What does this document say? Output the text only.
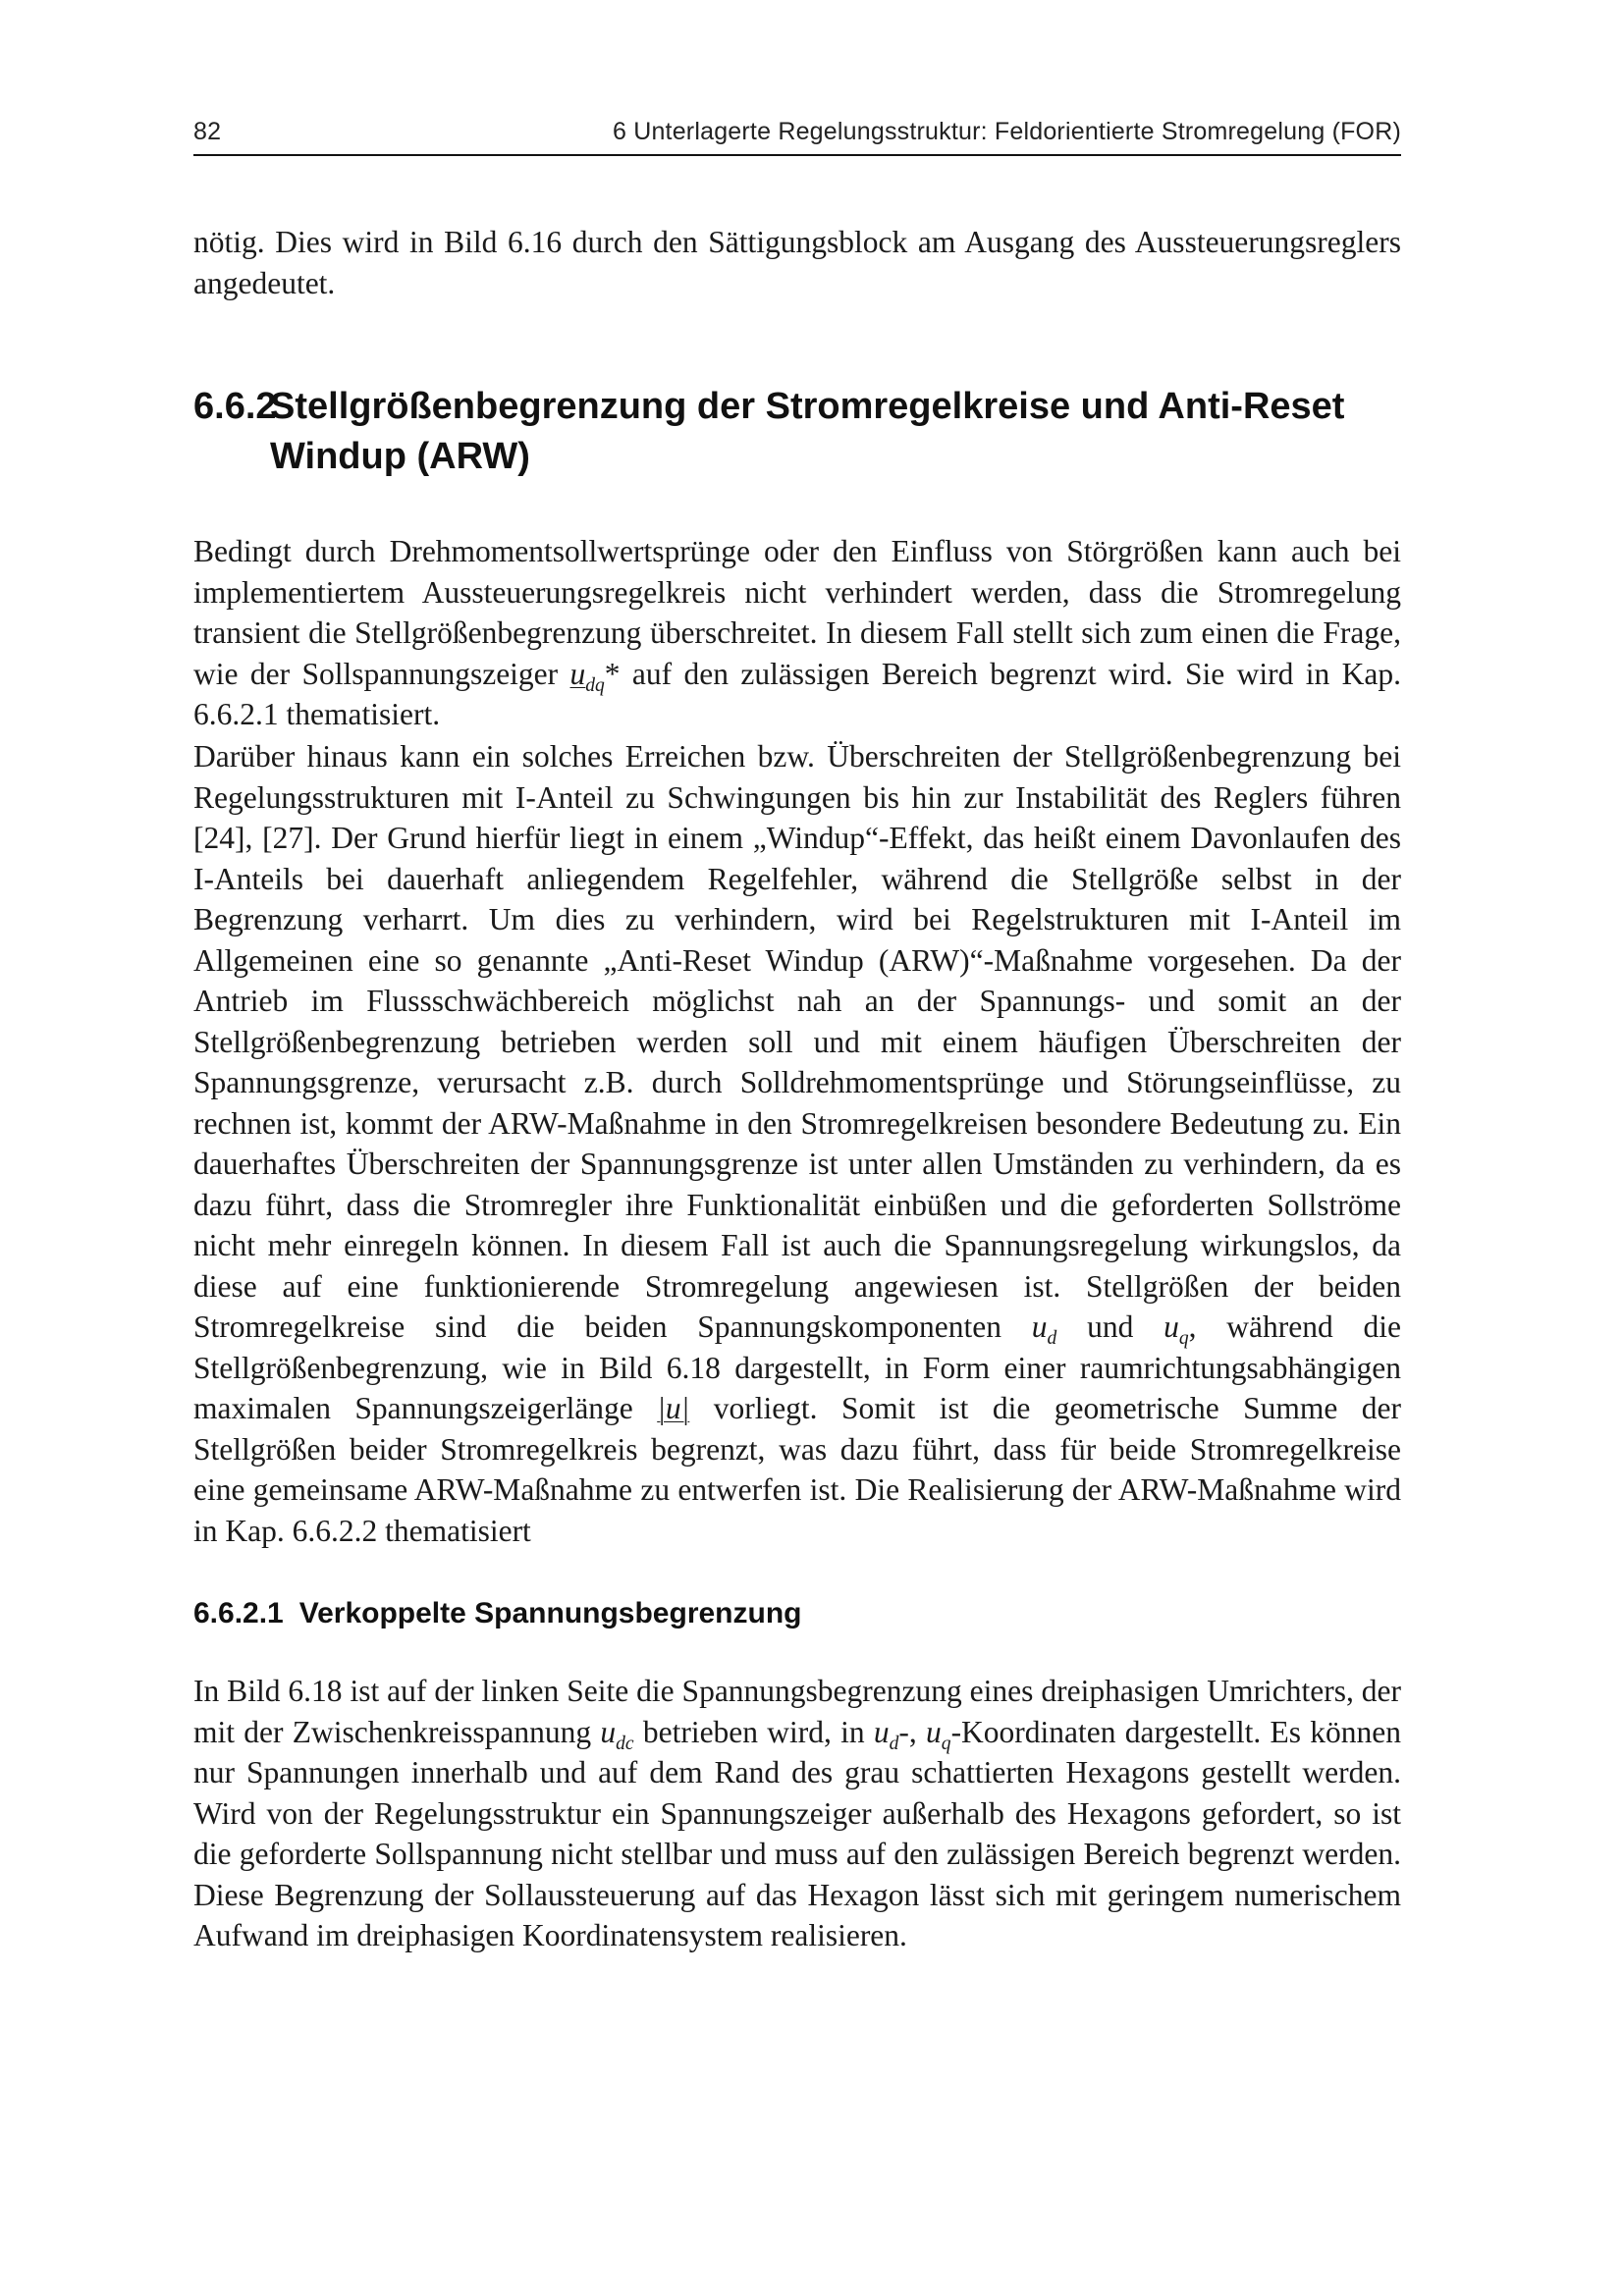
82	6 Unterlagerte Regelungsstruktur: Feldorientierte Stromregelung (FOR)

nötig. Dies wird in Bild 6.16 durch den Sättigungsblock am Ausgang des Aussteuerungsreglers angedeutet.

6.6.2Stellgrößenbegrenzung der Stromregelkreise und Anti-Reset
Windup (ARW)

Bedingt durch Drehmomentsollwertsprünge oder den Einfluss von Störgrößen kann auch bei implementiertem Aussteuerungsregelkreis nicht verhindert werden, dass die Stromregelung transient die Stellgrößenbegrenzung überschreitet. In diesem Fall stellt sich zum einen die Frage, wie der Sollspannungszeiger $u_{dq}*$ auf den zulässigen Bereich begrenzt wird. Sie wird in Kap. 6.6.2.1 thematisiert.

Darüber hinaus kann ein solches Erreichen bzw. Überschreiten der Stellgrößenbegrenzung bei Regelungsstrukturen mit I-Anteil zu Schwingungen bis hin zur Instabilität des Reglers führen [24], [27]. Der Grund hierfür liegt in einem „Windup“-Effekt, das heißt einem Davonlaufen des I-Anteils bei dauerhaft anliegendem Regelfehler, während die Stellgröße selbst in der Begrenzung verharrt. Um dies zu verhindern, wird bei Regelstrukturen mit I-Anteil im Allgemeinen eine so genannte „Anti-Reset Windup (ARW)“-Maßnahme vorgesehen. Da der Antrieb im Flussschwächbereich möglichst nah an der Spannungs- und somit an der Stellgrößenbegrenzung betrieben werden soll und mit einem häufigen Überschreiten der Spannungsgrenze, verursacht z.B. durch Solldrehmomentsprünge und Störungseinflüsse, zu rechnen ist, kommt der ARW-Maßnahme in den Stromregelkreisen besondere Bedeutung zu. Ein dauerhaftes Überschreiten der Spannungsgrenze ist unter allen Umständen zu verhindern, da es dazu führt, dass die Stromregler ihre Funktionalität einbüßen und die geforderten Sollströme nicht mehr einregeln können. In diesem Fall ist auch die Spannungsregelung wirkungslos, da diese auf eine funktionierende Stromregelung angewiesen ist. Stellgrößen der beiden Stromregelkreise sind die beiden Spannungskomponenten $u_d$ und $u_q$, während die Stellgrößenbegrenzung, wie in Bild 6.18 dargestellt, in Form einer raumrichtungsabhängigen maximalen Spannungszeigerlänge |u| vorliegt. Somit ist die geometrische Summe der Stellgrößen beider Stromregelkreis begrenzt, was dazu führt, dass für beide Stromregelkreise eine gemeinsame ARW-Maßnahme zu entwerfen ist. Die Realisierung der ARW-Maßnahme wird in Kap. 6.6.2.2 thematisiert

6.6.2.1 Verkoppelte Spannungsbegrenzung

In Bild 6.18 ist auf der linken Seite die Spannungsbegrenzung eines dreiphasigen Umrichters, der mit der Zwischenkreisspannung $u_{dc}$ betrieben wird, in $u_d-$, $u_q$-Koordinaten dargestellt. Es können nur Spannungen innerhalb und auf dem Rand des grau schattierten Hexagons gestellt werden. Wird von der Regelungsstruktur ein Spannungszeiger außerhalb des Hexagons gefordert, so ist die geforderte Sollspannung nicht stellbar und muss auf den zulässigen Bereich begrenzt werden. Diese Begrenzung der Sollaussteuerung auf das Hexagon lässt sich mit geringem numerischem Aufwand im dreiphasigen Koordinatensystem realisieren.
